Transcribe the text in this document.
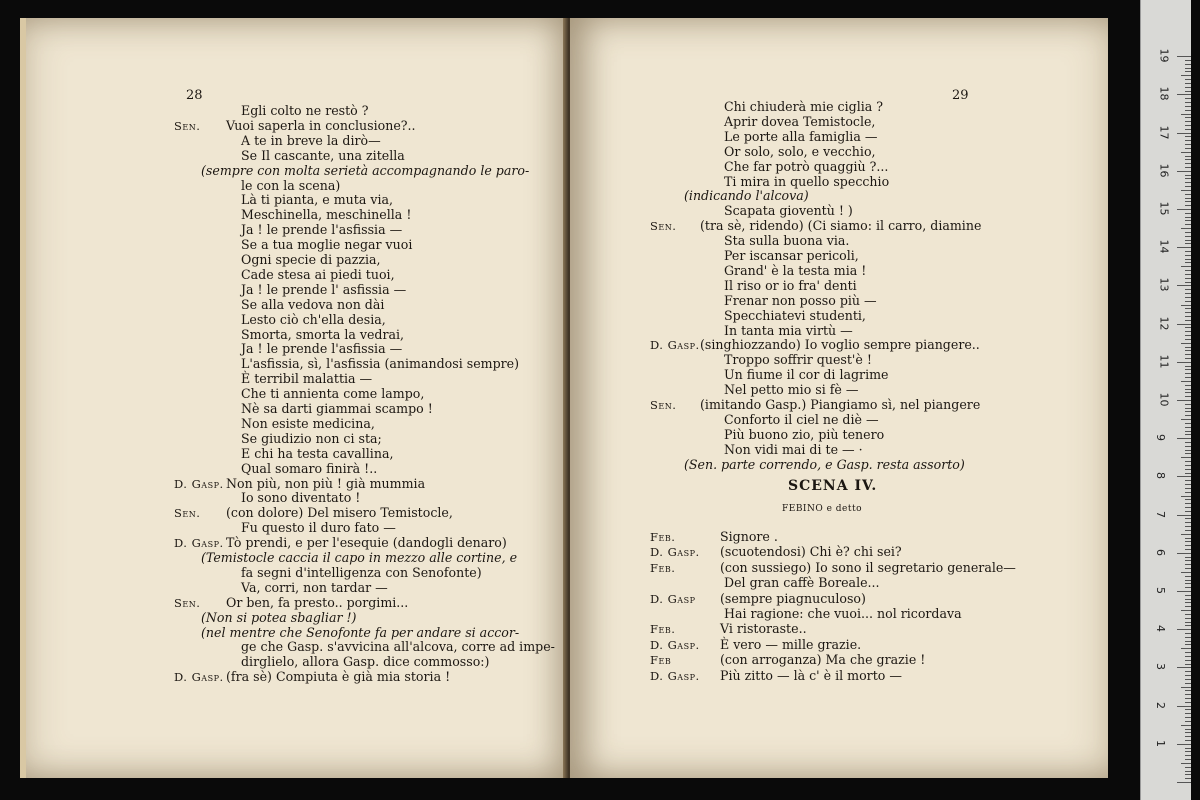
28
Egli colto ne restò ?
Sen. Vuoi saperla in conclusione?..
A te in breve la dirò—
Se Il cascante, una zitella
(sempre con molta serietà accompagnando le paro-
le con la scena)
Là ti pianta, e muta via,
Meschinella, meschinella !
Ja ! le prende l'asfissia —
Se a tua moglie negar vuoi
Ogni specie di pazzia,
Cade stesa ai piedi tuoi,
Ja ! le prende l' asfissia —
Se alla vedova non dài
Lesto ciò ch'ella desia,
Smorta, smorta la vedrai,
Ja ! le prende l'asfissia —
L'asfissia, sì, l'asfissia (animandosi sempre)
È terribil malattia —
Che ti annienta come lampo,
Nè sa darti giammai scampo !
Non esiste medicina,
Se giudizio non ci sta;
E chi ha testa cavallina,
Qual somaro finirà !..
D. Gasp. Non più, non più ! già mummia
Io sono diventato !
Sen. (con dolore) Del misero Temistocle,
Fu questo il duro fato —
D. Gasp. Tò prendi, e per l'esequie (dandogli denaro)
(Temistocle caccia il capo in mezzo alle cortine, e
fa segni d'intelligenza con Senofonte)
Va, corri, non tardar —
Sen. Or ben, fa presto.. porgimi...
(Non si potea sbagliar !)
(nel mentre che Senofonte fa per andare si accor-
ge che Gasp. s'avvicina all'alcova, corre ad impe-
dirglielo, allora Gasp. dice commosso:)
D. Gasp. (fra sè) Compiuta è già mia storia !
29
Chi chiuderà mie ciglia ?
Aprir dovea Temistocle,
Le porte alla famiglia —
Or solo, solo, e vecchio,
Che far potrò quaggiù ?...
Ti mira in quello specchio
(indicando l'alcova)
Scapata gioventù ! )
Sen. (tra sè, ridendo) (Ci siamo: il carro, diamine
Sta sulla buona via.
Per iscansar pericoli,
Grand' è la testa mia !
Il riso or io fra' denti
Frenar non posso più —
Specchiatevi studenti,
In tanta mia virtù —
D. Gasp. (singhiozzando) Io voglio sempre piangere..
Troppo soffrir quest'è !
Un fiume il cor di lagrime
Nel petto mio si fè —
Sen. (imitando Gasp.) Piangiamo sì, nel piangere
Conforto il ciel ne diè —
Più buono zio, più tenero
Non vidi mai di te — ·
(Sen. parte correndo, e Gasp. resta assorto)
SCENA IV.
FEBINO e detto
Feb.	Signore .
D. Gasp. (scuotendosi) Chi è? chi sei?
Feb.	(con sussiego) Io sono il segretario generale—
Del gran caffè Boreale...
D. Gasp (sempre piagnuculoso)
Hai ragione: che vuoi... nol ricordava
Feb.	Vi ristoraste..
D. Gasp. È vero — mille grazie.
Feb	(con arroganza) Ma che grazie !
D. Gasp. Più zitto — là c' è il morto —
1
2
3
4
5
6
7
8
9
10
11
12
13
14
15
16
17
18
19
